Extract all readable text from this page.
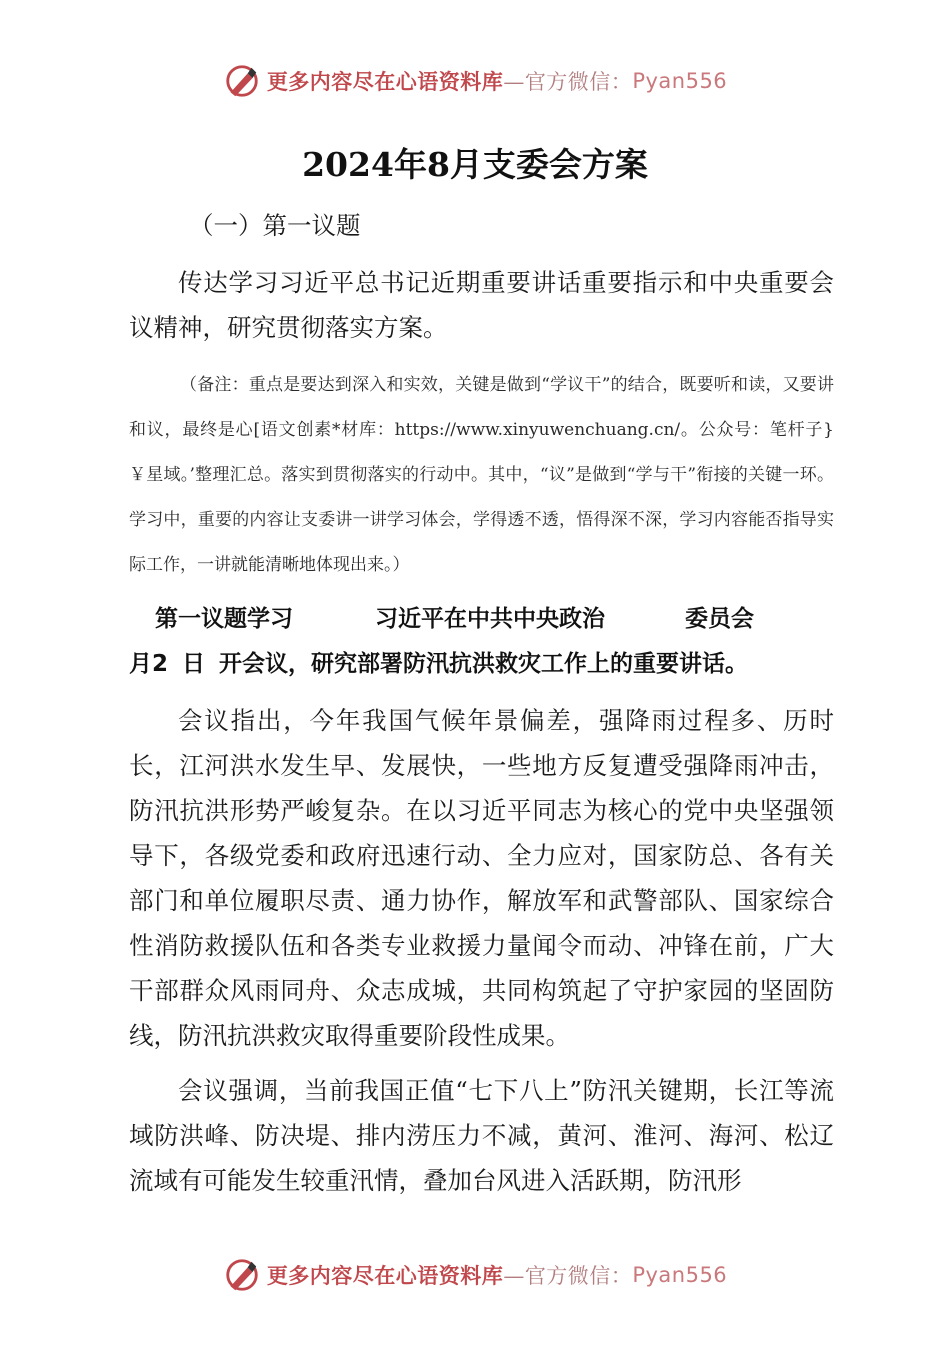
更多内容尽在心语资料库 —官方微信： Pyan556
2024年8月支委会方案

（一）第一议题

传达学习习近平总书记近期重要讲话重要指示和中央重要会议精神，研究贯彻落实方案。

（备注：重点是要达到深入和实效，关键是做到“学议干”的结合，既要听和读，又要讲和议，最终是心[语文创素*材库：https://www.xinyuwenchuang.cn/。公众号：笔杆子}￥星域。’整理汇总。落实到贯彻落实的行动中。其中，“议”是做到“学与干”衔接的关键一环。学习中，重要的内容让支委讲一讲学习体会，学得透不透，悟得深不深，学习内容能否指导实际工作，一讲就能清晰地体现出来。）

第一议题学习	习近平在中共中央政治	委员会
月2 日 开会议，研究部署防汛抗洪救灾工作上的重要讲话。

会议指出，今年我国气候年景偏差，强降雨过程多、历时长，江河洪水发生早、发展快，一些地方反复遭受强降雨冲击，防汛抗洪形势严峻复杂。在以习近平同志为核心的党中央坚强领导下，各级党委和政府迅速行动、全力应对，国家防总、各有关部门和单位履职尽责、通力协作，解放军和武警部队、国家综合性消防救援队伍和各类专业救援力量闻令而动、冲锋在前，广大干部群众风雨同舟、众志成城，共同构筑起了守护家园的坚固防线，防汛抗洪救灾取得重要阶段性成果。

会议强调，当前我国正值“七下八上”防汛关键期，长江等流域防洪峰、防决堤、排内涝压力不减，黄河、淮河、海河、松辽流域有可能发生较重汛情，叠加台风进入活跃期，防汛形

更多内容尽在心语资料库 —官方微信： Pyan556
